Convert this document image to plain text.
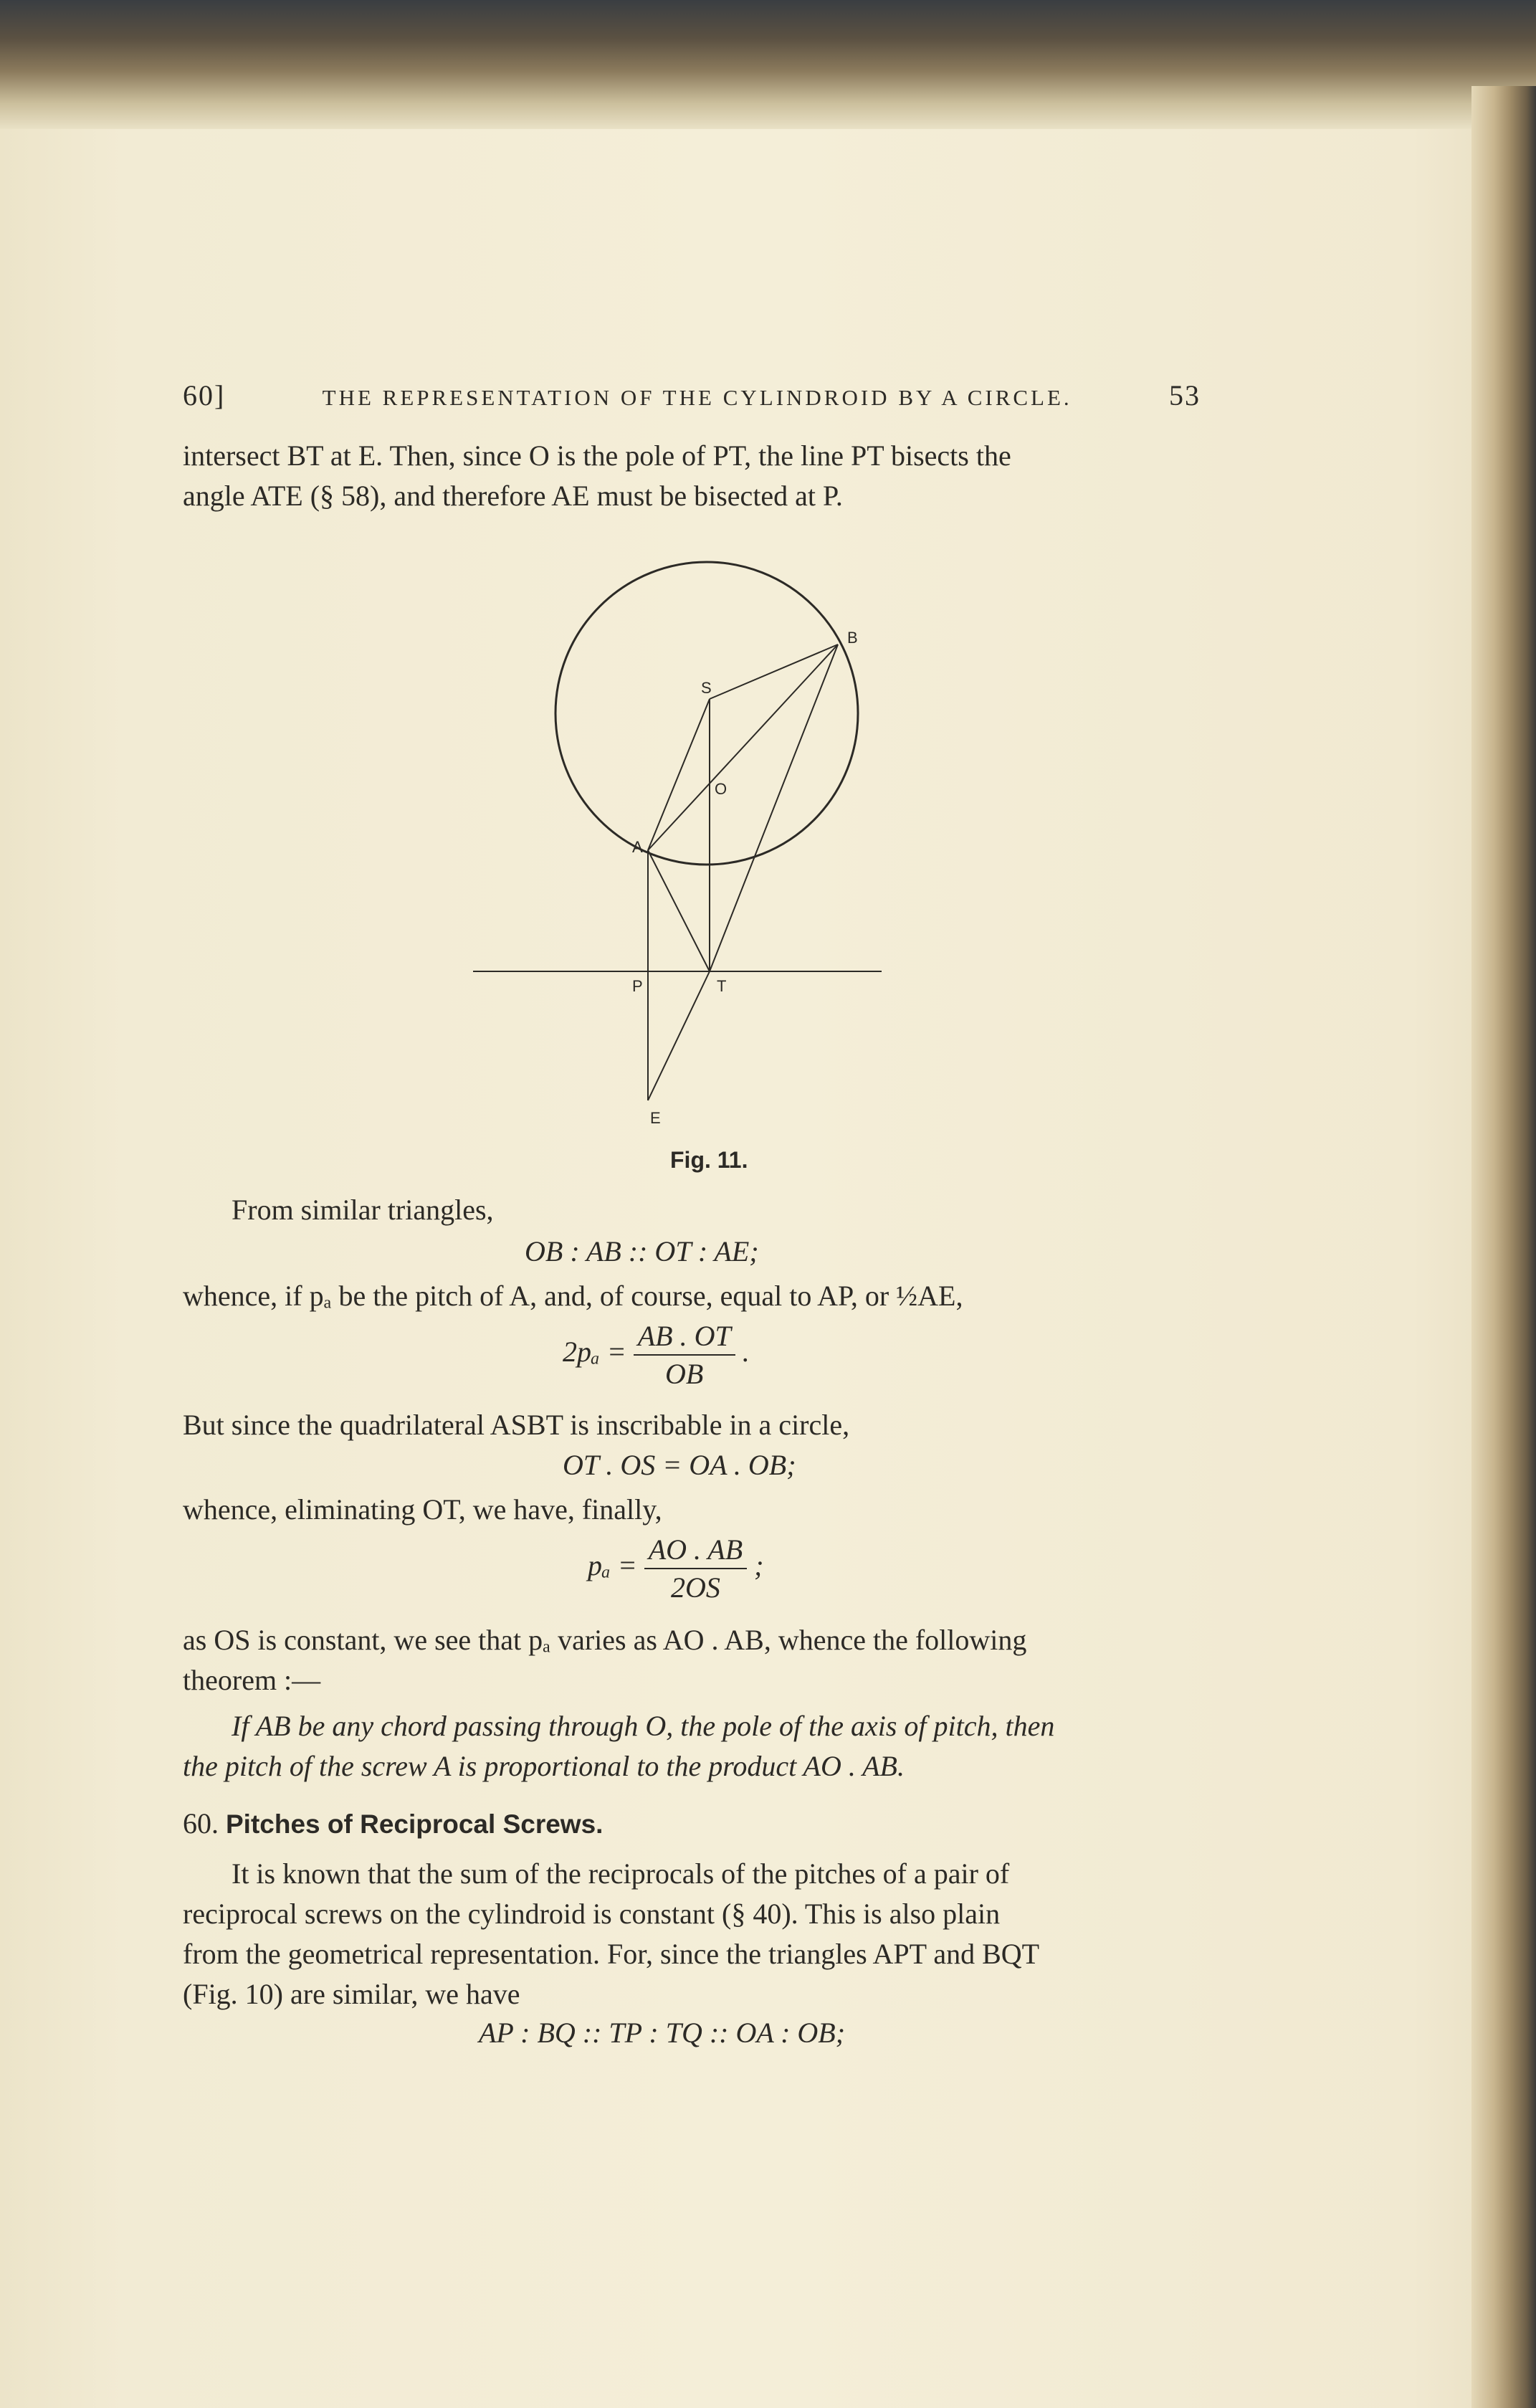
60]	THE REPRESENTATION OF THE CYLINDROID BY A CIRCLE.	53
intersect BT at E. Then, since O is the pole of PT, the line PT bisects the
angle ATE (§ 58), and therefore AE must be bisected at P.
S
B
O
A
P	T
E
Fig. 11.
From similar triangles,
OB : AB :: OT : AE;
whence, if pₐ be the pitch of A, and, of course, equal to AP, or ½AE,
$2p_a = \frac{AB . OT}{OB}$ .
But since the quadrilateral ASBT is inscribable in a circle,
OT . OS = OA . OB;
whence, eliminating OT, we have, finally,
$p_a = \frac{AO . AB}{2OS}$ ;
as OS is constant, we see that pₐ varies as AO . AB, whence the following
theorem :—
If AB be any chord passing through O, the pole of the axis of pitch, then
the pitch of the screw A is proportional to the product AO . AB.
60. Pitches of Reciprocal Screws.
It is known that the sum of the reciprocals of the pitches of a pair of
reciprocal screws on the cylindroid is constant (§ 40). This is also plain
from the geometrical representation. For, since the triangles APT and BQT
(Fig. 10) are similar, we have
AP : BQ :: TP : TQ :: OA : OB;
